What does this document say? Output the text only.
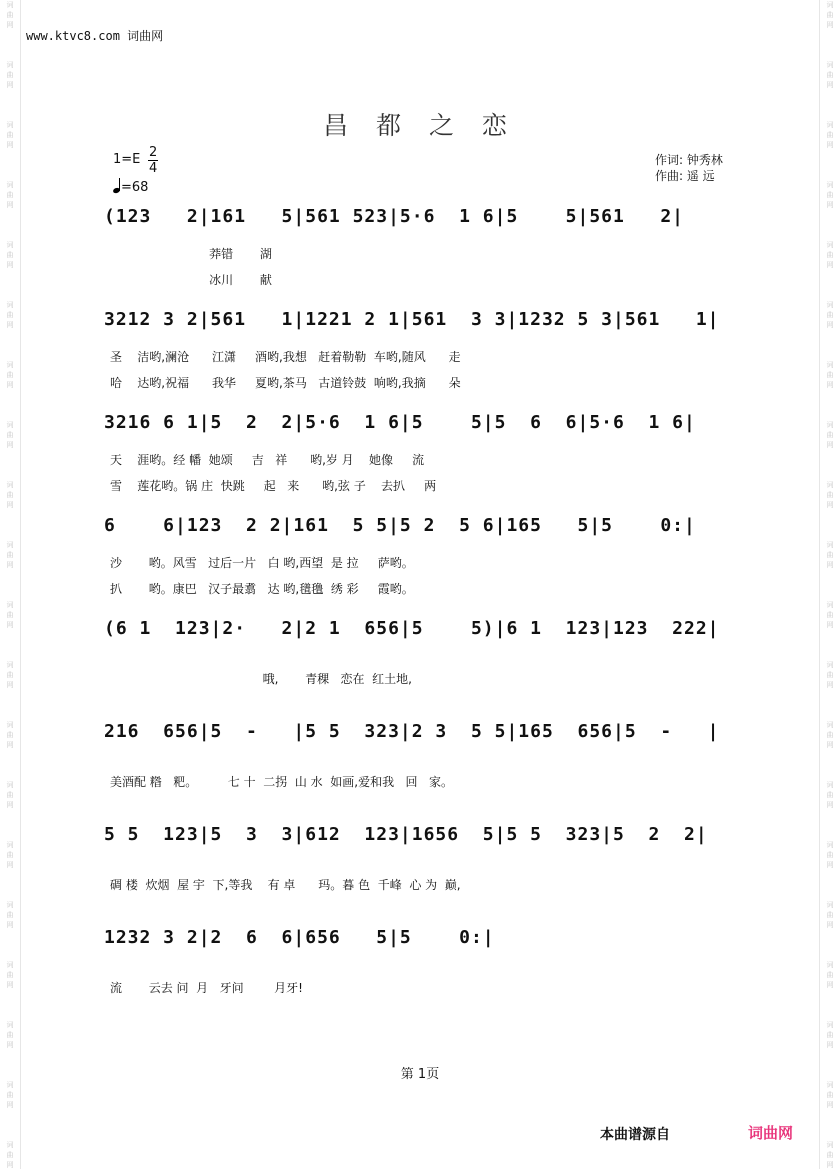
词
曲
网
词
曲
网
词
曲
网
词
曲
网
词
曲
网
词
曲
网
词
曲
网
词
曲
网
词
曲
网
词
曲
网
词
曲
网
词
曲
网
词
曲
网
词
曲
网
词
曲
网
词
曲
网
词
曲
网
词
曲
网
词
曲
网
词
曲
网
词
曲
网
词
曲
网
词
曲
网
词
曲
网
词
曲
网
词
曲
网
词
曲
网
词
曲
网
词
曲
网
词
曲
网
词
曲
网
词
曲
网
词
曲
网
词
曲
网
词
曲
网
词
曲
网
词
曲
网
词
曲
网
词
曲
网
词
曲
网
www.ktvc8.com 词曲网
昌 都 之 恋
$1=E \frac{2}{4}$
=68
作词: 钟秀林
作曲: 遥 远
(123   2|161   5|561 523|5·6  1 6|5    5|561   2|
莽错       湖
冰川       献
3212 3 2|561   1|1221 2 1|561  3 3|1232 5 3|561   1|
圣    洁哟,澜沧      江潇     酒哟,我想   赶着勒勒  车哟,随风      走
哈    达哟,祝福      我华     夏哟,茶马   古道铃鼓  响哟,我摘      朵
3216 6 1|5  2  2|5·6  1 6|5    5|5  6  6|5·6  1 6|
天    涯哟。经 幡  她颂     吉   祥      哟,岁 月    她像     流
雪    莲花哟。锅 庄  快跳     起   来      哟,弦 子    去扒     两
6    6|123  2 2|161  5 5|5 2  5 6|165   5|5    0:|
沙       哟。风雪   过后一片   白 哟,西望  是 拉     萨哟。
扒       哟。康巴   汉子最翥   达 哟,氆氇  绣 彩     霞哟。
(6 1  123|2·   2|2 1  656|5    5)|6 1  123|123  222|
哦,       青稞   恋在  红土地,
216  656|5  -   |5 5  323|2 3  5 5|165  656|5  -   |
美酒配 糌   粑。        七 十  二拐  山 水  如画,爱和我   回   家。
5 5  123|5  3  3|612  123|1656  5|5 5  323|5  2  2|
碉 楼  炊烟  屋 宇  下,等我    有 卓      玛。暮 色  千峰  心 为  巅,
1232 3 2|2  6  6|656   5|5    0:|
流       云去 问  月   牙问        月牙!
第 1页
本曲谱源自	词曲网
